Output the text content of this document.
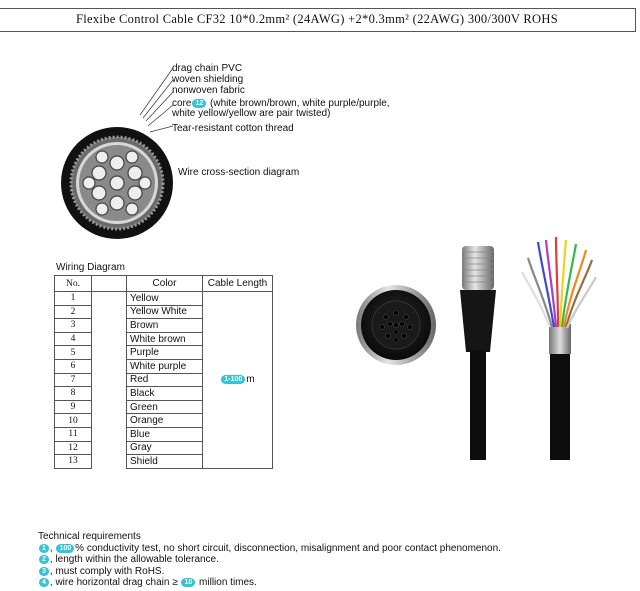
Flexibe Control Cable CF32 10*0.2mm² (24AWG) +2*0.3mm² (22AWG) 300/300V ROHS
drag chain PVC
woven shielding
nonwoven fabric
core 12 (white brown/brown, white purple/purple,
white yellow/yellow are pair twisted)
Tear-resistant cotton thread
Wire cross-section diagram
Wiring Diagram
No.		Color	Cable Length
1		Yellow	1-100 m
2		Yellow White	
3		Brown	
4		White brown	
5		Purple	
6		White purple	
7		Red	
8		Black	
9		Green	
10		Orange	
11		Blue	
12		Gray	
13		Shield	
Technical requirements
1 , 100 % conductivity test, no short circuit, disconnection, misalignment and poor contact phenomenon.
2 , length within the allowable tolerance.
3 , must comply with RoHS.
4 , wire horizontal drag chain ≥ 10 million times.
